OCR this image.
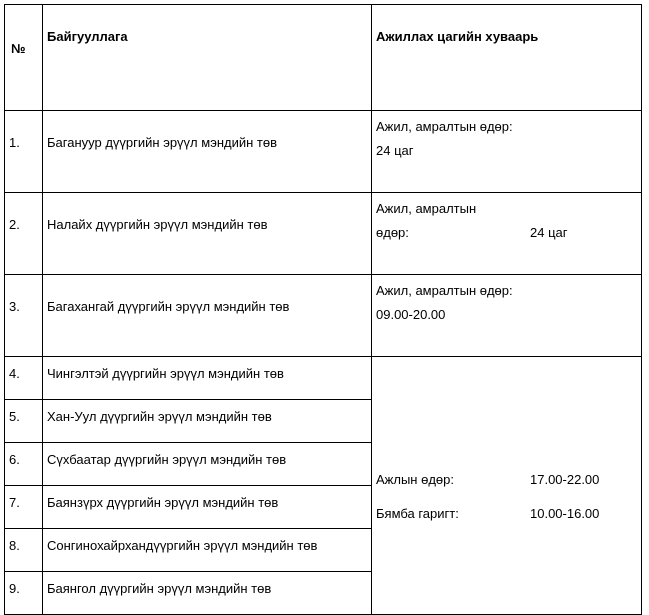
№	Байгууллага	Ажиллах цагийн хуваарь
1.	Багануур дүүргийн эрүүл мэндийн төв	Ажил, амралтын өдөр:
24 цаг

2.	Налайх дүүргийн эрүүл мэндийн төв	Ажил, амралтын
өдөр: 24 цаг

3.	Багахангай дүүргийн эрүүл мэндийн төв	Ажил, амралтын өдөр:
09.00-20.00

4.	Чингэлтэй дүүргийн эрүүл мэндийн төв	Ажлын өдөр: 17.00-22.00
Бямба гаригт: 10.00-16.00

5.	Хан-Уул дүүргийн эрүүл мэндийн төв	
6.	Сүхбаатар дүүргийн эрүүл мэндийн төв	
7.	Баянзүрх дүүргийн эрүүл мэндийн төв	
8.	Сонгинохайрхандүүргийн эрүүл мэндийн төв	
9.	Баянгол дүүргийн эрүүл мэндийн төв	
